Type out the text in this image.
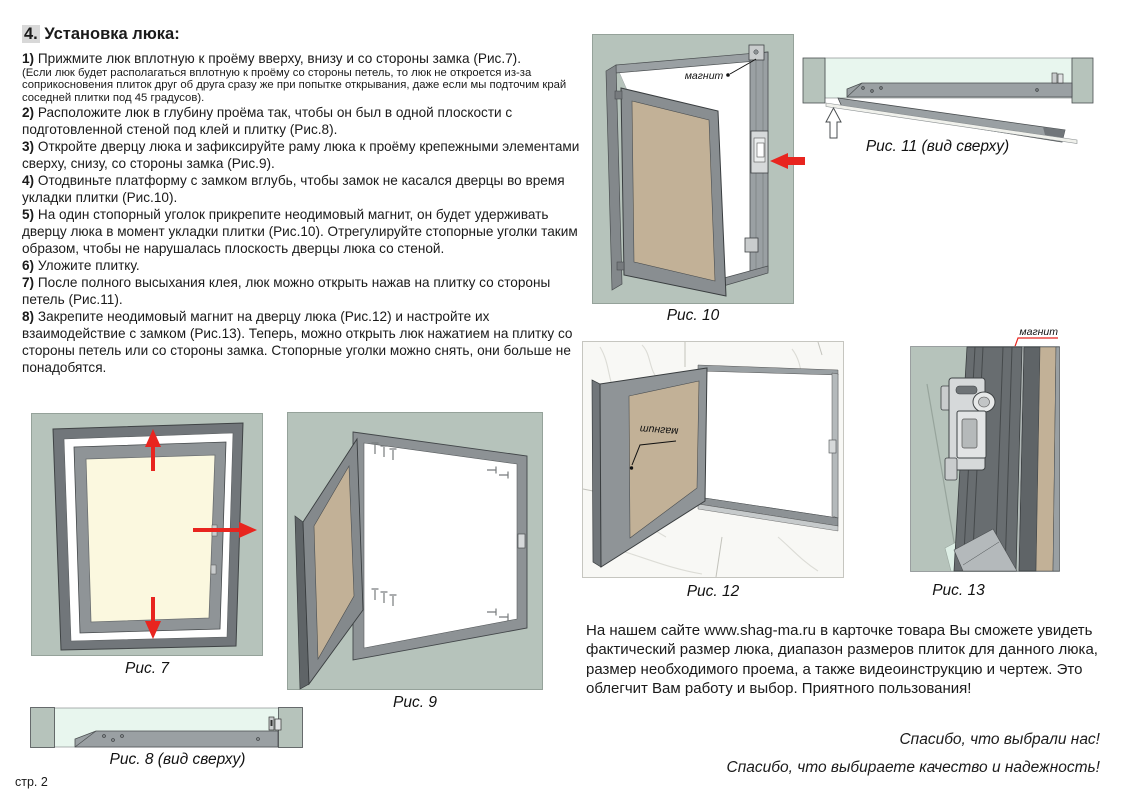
4. Установка люка:

1) Прижмите люк вплотную к проёму вверху, внизу и со стороны замка (Рис.7).
(Если люк будет располагаться вплотную к проёму со стороны петель, то люк не откроется из-за соприкосновения плиток друг об друга сразу же при попытке открывания, даже если мы подточим край соседней плитки под 45 градусов).

2) Расположите люк в глубину проёма так, чтобы он был в одной плоскости с подготовленной стеной под клей и плитку (Рис.8).

3) Откройте дверцу люка и зафиксируйте раму люка к проёму крепежными элементами сверху, снизу, со стороны замка (Рис.9).

4) Отодвиньте платформу с замком вглубь, чтобы замок не касался дверцы во время укладки плитки (Рис.10).

5) На один стопорный уголок прикрепите неодимовый магнит, он будет удерживать дверцу люка в момент укладки плитки (Рис.10). Отрегулируйте стопорные уголки таким образом, чтобы не нарушалась плоскость дверцы люка со стеной.

6) Уложите плитку.

7) После полного высыхания клея, люк можно открыть нажав на плитку со стороны петель (Рис.11).

8) Закрепите неодимовый магнит на дверцу люка (Рис.12) и настройте их взаимодействие с замком (Рис.13). Теперь, можно открыть люк нажатием на плитку со стороны петель или со стороны замка. Стопорные уголки можно снять, они больше не понадобятся.

Рис. 7
Рис. 9
Рис. 8 (вид сверху)
магнит
Рис. 10
Рис. 11 (вид сверху)
магнит
Рис. 12
магнит
Рис. 13
На нашем сайте www.shag-ma.ru в карточке товара Вы сможете увидеть фактический размер люка, диапазон размеров плиток для данного люка, размер необходимого проема, а также видеоинструкцию и чертеж. Это облегчит Вам работу и выбор. Приятного пользования!
Спасибо, что выбрали нас!
Спасибо, что выбираете качество и надежность!
стр. 2
